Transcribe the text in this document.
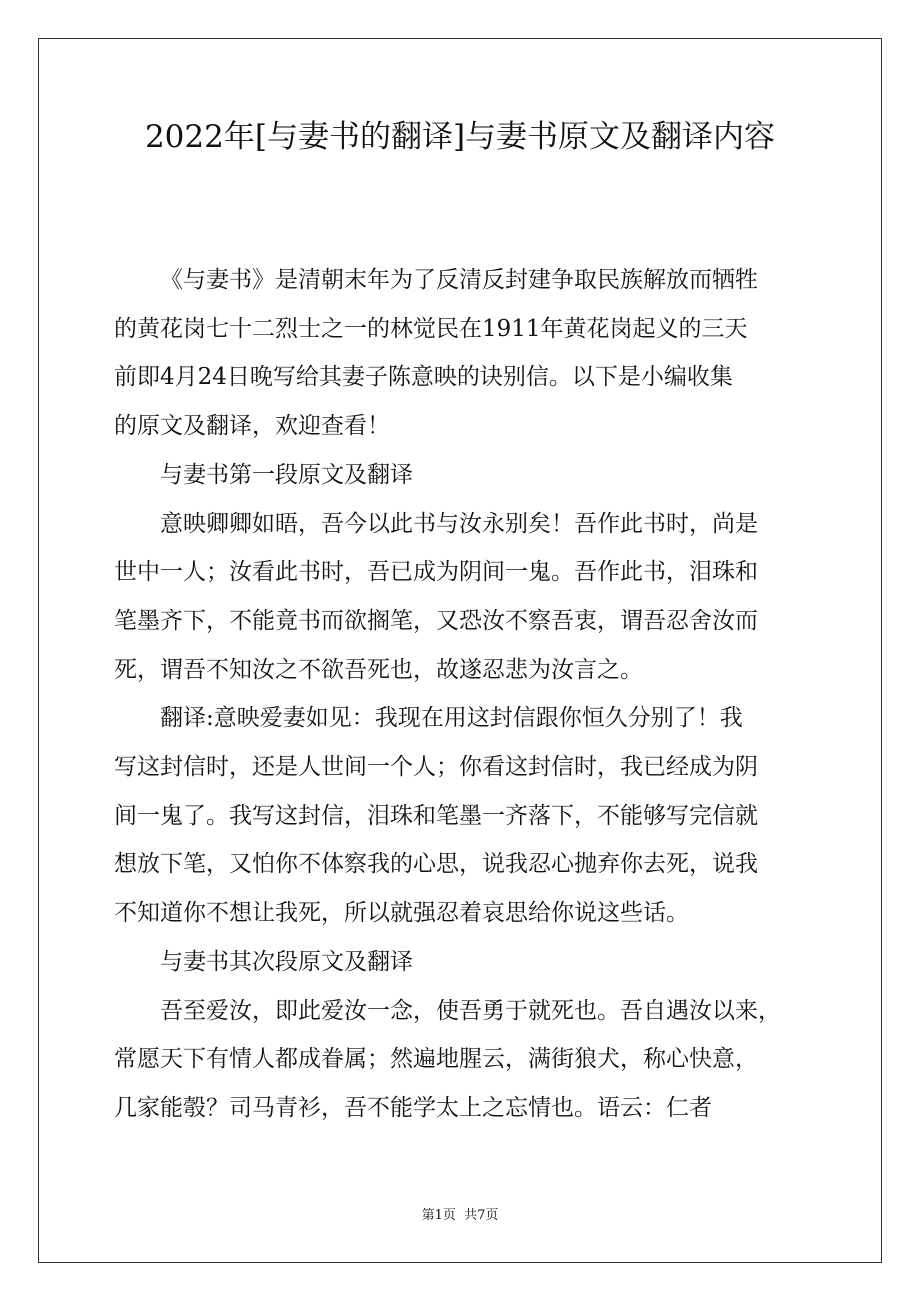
2022年[与妻书的翻译]与妻书原文及翻译内容

《与妻书》是清朝末年为了反清反封建争取民族解放而牺牲
的黄花岗七十二烈士之一的林觉民在1911年黄花岗起义的三天
前即4月24日晚写给其妻子陈意映的诀别信。以下是小编收集
的原文及翻译，欢迎查看！

与妻书第一段原文及翻译

意映卿卿如晤，吾今以此书与汝永别矣！吾作此书时，尚是
世中一人；汝看此书时，吾已成为阴间一鬼。吾作此书，泪珠和
笔墨齐下，不能竟书而欲搁笔，又恐汝不察吾衷，谓吾忍舍汝而
死，谓吾不知汝之不欲吾死也，故遂忍悲为汝言之。

翻译:意映爱妻如见：我现在用这封信跟你恒久分别了！我
写这封信时，还是人世间一个人；你看这封信时，我已经成为阴
间一鬼了。我写这封信，泪珠和笔墨一齐落下，不能够写完信就
想放下笔，又怕你不体察我的心思，说我忍心抛弃你去死，说我
不知道你不想让我死，所以就强忍着哀思给你说这些话。

与妻书其次段原文及翻译

吾至爱汝，即此爱汝一念，使吾勇于就死也。吾自遇汝以来，
常愿天下有情人都成眷属；然遍地腥云，满街狼犬，称心快意，
几家能彀？司马青衫，吾不能学太上之忘情也。语云：仁者

第1页 共7页
